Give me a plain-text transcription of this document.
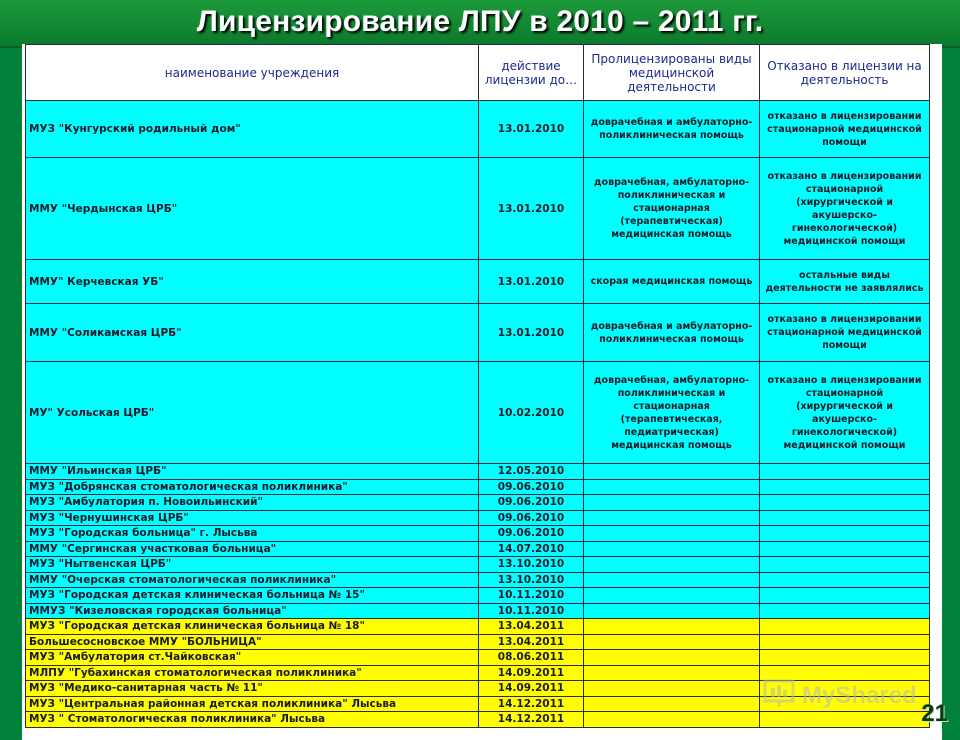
Лицензирование ЛПУ в 2010 – 2011 гг.
наименование учреждения	действие лицензии до…	Пролицензированы виды медицинской деятельности	Отказано в лицензии на деятельность
МУЗ "Кунгурский родильный дом"	13.01.2010	доврачебная и амбулаторно-поликлиническая помощь	отказано в лицензировании стационарной медицинской помощи
ММУ "Чердынская ЦРБ"	13.01.2010	доврачебная, амбулаторно-поликлиническая и стационарная (терапевтическая) медицинская помощь	отказано в лицензировании стационарной (хирургической и акушерско-гинекологической) медицинской помощи
ММУ" Керчевская УБ"	13.01.2010	скорая медицинская помощь	остальные виды деятельности не заявлялись
ММУ "Соликамская ЦРБ"	13.01.2010	доврачебная и амбулаторно-поликлиническая помощь	отказано в лицензировании стационарной медицинской помощи
МУ" Усольская ЦРБ"	10.02.2010	доврачебная, амбулаторно-поликлиническая и стационарная (терапевтическая, педиатрическая) медицинская помощь	отказано в лицензировании стационарной (хирургической и акушерско-гинекологической) медицинской помощи
ММУ "Ильинская ЦРБ"	12.05.2010		
МУЗ "Добрянская стоматологическая поликлиника"	09.06.2010		
МУЗ "Амбулатория п. Новоильинский"	09.06.2010		
МУЗ "Чернушинская ЦРБ"	09.06.2010		
МУЗ "Городская больница" г. Лысьва	09.06.2010		
ММУ "Сергинская участковая больница"	14.07.2010		
МУЗ "Нытвенская ЦРБ"	13.10.2010		
ММУ "Очерская стоматологическая поликлиника"	13.10.2010		
МУЗ "Городская детская клиническая больница № 15"	10.11.2010		
ММУЗ "Кизеловская городская больница"	10.11.2010		
МУЗ "Городская детская клиническая больница № 18"	13.04.2011		
Большесосновское ММУ "БОЛЬНИЦА"	13.04.2011		
МУЗ "Амбулатория ст.Чайковская"	08.06.2011		
МЛПУ "Губахинская стоматологическая поликлиника"	14.09.2011		
МУЗ "Медико-санитарная часть № 11"	14.09.2011		
МУЗ "Центральная районная детская поликлиника" Лысьва	14.12.2011		
МУЗ " Стоматологическая поликлиника" Лысьва	14.12.2011		
MyShared
21
